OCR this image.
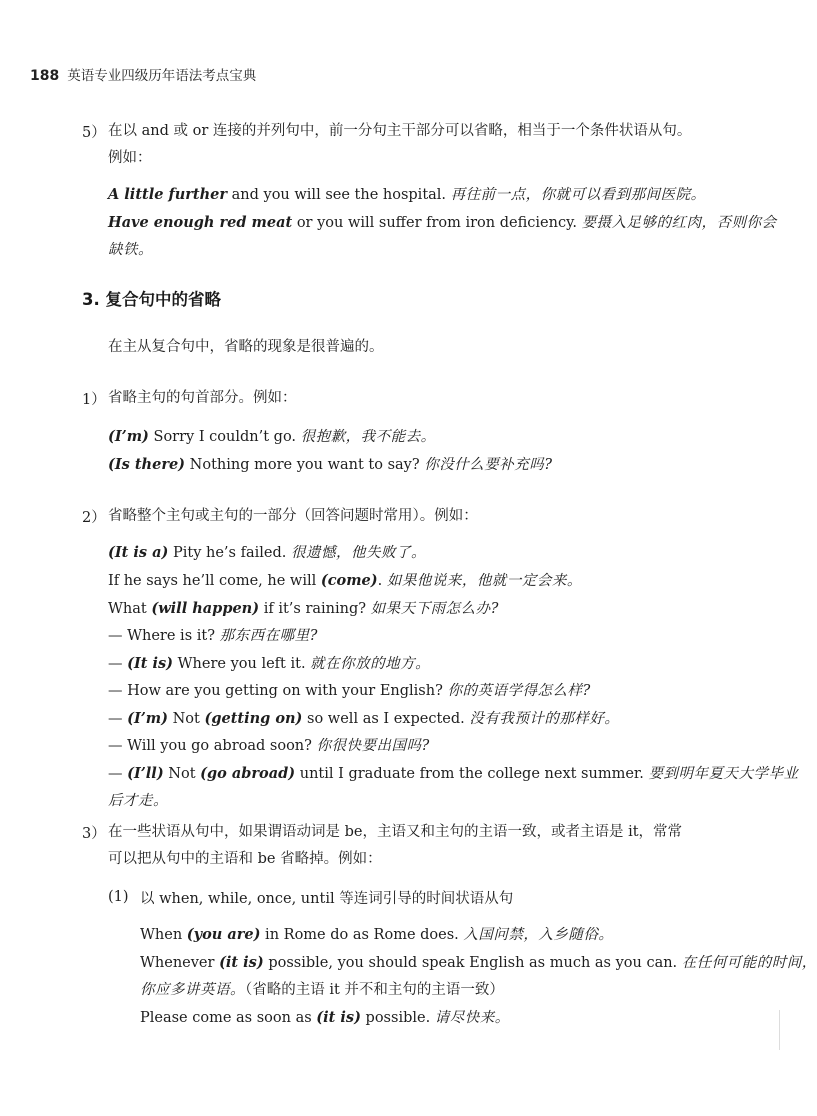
188 英语专业四级历年语法考点宝典
5） 在以 and 或 or 连接的并列句中，前一分句主干部分可以省略，相当于一个条件状语从句。
例如：

A little further and you will see the hospital. 再往前一点，你就可以看到那间医院。

Have enough red meat or you will suffer from iron deficiency. 要摄入足够的红肉，否则你会

缺铁。

3. 复合句中的省略
在主从复合句中，省略的现象是很普遍的。
1） 省略主句的句首部分。例如：

(I’m) Sorry I couldn’t go. 很抱歉，我不能去。

(Is there) Nothing more you want to say? 你没什么要补充吗?

2） 省略整个主句或主句的一部分（回答问题时常用）。例如：

(It is a) Pity he’s failed. 很遗憾，他失败了。

If he says he’ll come, he will (come). 如果他说来，他就一定会来。

What (will happen) if it’s raining? 如果天下雨怎么办?

— Where is it? 那东西在哪里?

— (It is) Where you left it. 就在你放的地方。

— How are you getting on with your English? 你的英语学得怎么样?

— (I’m) Not (getting on) so well as I expected. 没有我预计的那样好。

— Will you go abroad soon? 你很快要出国吗?

— (I’ll) Not (go abroad) until I graduate from the college next summer. 要到明年夏天大学毕业

后才走。

3） 在一些状语从句中，如果谓语动词是 be，主语又和主句的主语一致，或者主语是 it，常常
可以把从句中的主语和 be 省略掉。例如：
(1) 以 when, while, once, until 等连词引导的时间状语从句

When (you are) in Rome do as Rome does. 入国问禁，入乡随俗。

Whenever (it is) possible, you should speak English as much as you can. 在任何可能的时间，

你应多讲英语。（省略的主语 it 并不和主句的主语一致）

Please come as soon as (it is) possible. 请尽快来。
